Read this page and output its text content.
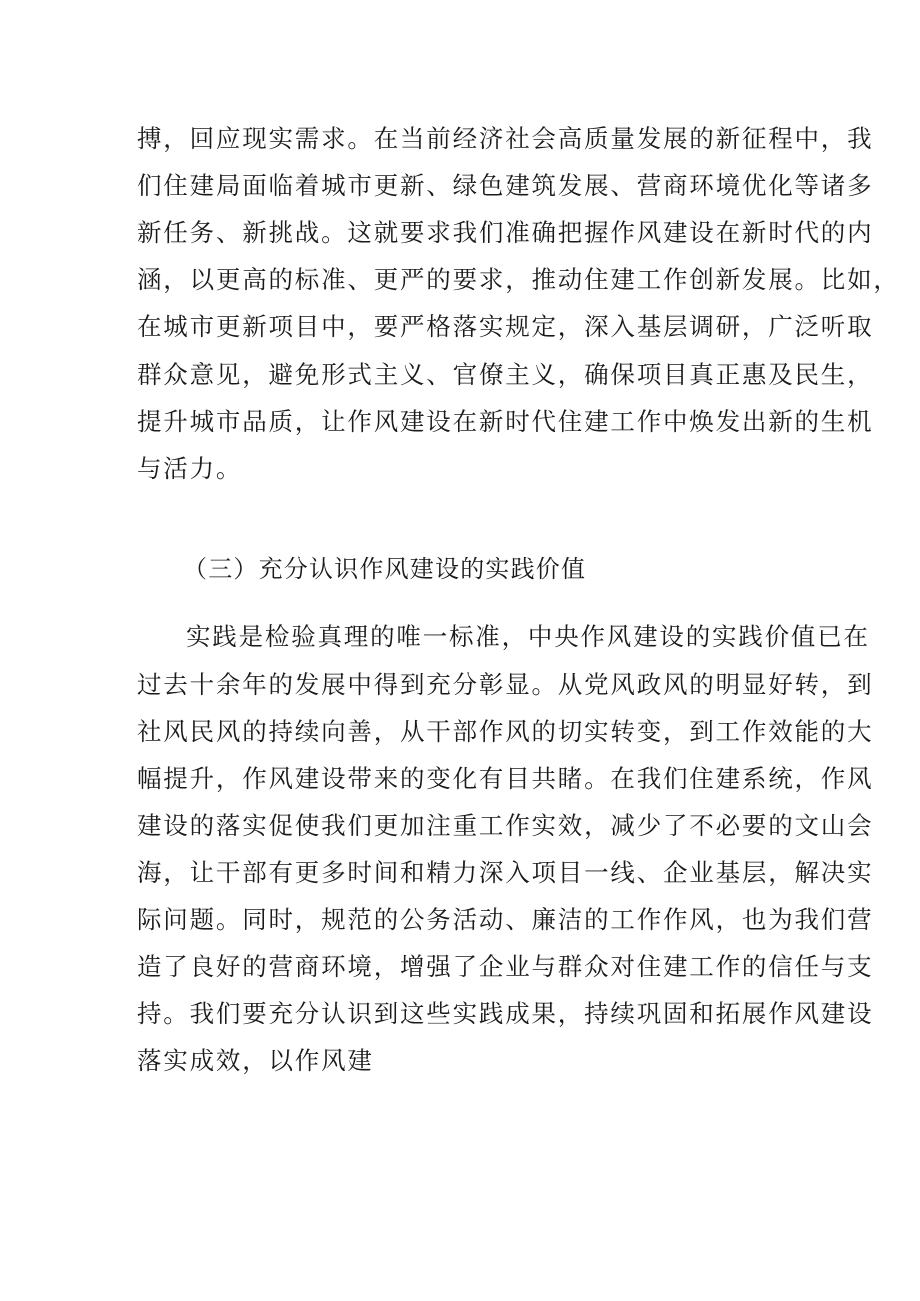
搏，回应现实需求。在当前经济社会高质量发展的新征程中，我
们住建局面临着城市更新、绿色建筑发展、营商环境优化等诸多
新任务、新挑战。这就要求我们准确把握作风建设在新时代的内
涵，以更高的标准、更严的要求，推动住建工作创新发展。比如，
在城市更新项目中，要严格落实规定，深入基层调研，广泛听取
群众意见，避免形式主义、官僚主义，确保项目真正惠及民生，
提升城市品质，让作风建设在新时代住建工作中焕发出新的生机
与活力。
（三）充分认识作风建设的实践价值
实践是检验真理的唯一标准，中央作风建设的实践价值已在
过去十余年的发展中得到充分彰显。从党风政风的明显好转，到
社风民风的持续向善，从干部作风的切实转变，到工作效能的大
幅提升，作风建设带来的变化有目共睹。在我们住建系统，作风
建设的落实促使我们更加注重工作实效，减少了不必要的文山会
海，让干部有更多时间和精力深入项目一线、企业基层，解决实
际问题。同时，规范的公务活动、廉洁的工作作风，也为我们营
造了良好的营商环境，增强了企业与群众对住建工作的信任与支
持。我们要充分认识到这些实践成果，持续巩固和拓展作风建设
落实成效，以作风建
